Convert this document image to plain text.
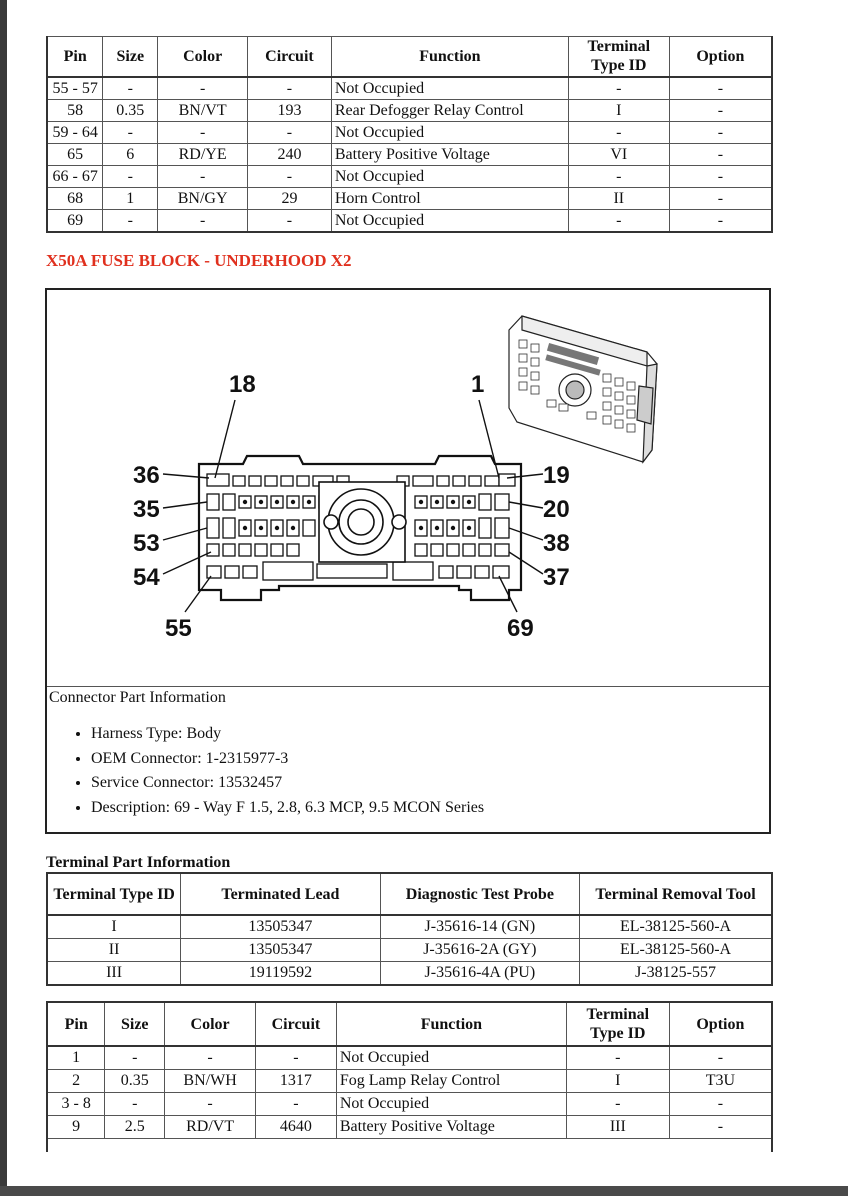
Pin	Size	Color	Circuit	Function	Terminal Type ID	Option
55 - 57	-	-	-	Not Occupied	-	-
58	0.35	BN/VT	193	Rear Defogger Relay Control	I	-
59 - 64	-	-	-	Not Occupied	-	-
65	6	RD/YE	240	Battery Positive Voltage	VI	-
66 - 67	-	-	-	Not Occupied	-	-
68	1	BN/GY	29	Horn Control	II	-
69	-	-	-	Not Occupied	-	-
X50A FUSE BLOCK - UNDERHOOD X2
18	1
36
35
53
54
19
20
38
37
55	69

Connector Part Information

• Harness Type: Body
• OEM Connector: 1-2315977-3
• Service Connector: 13532457
• Description: 69 - Way F 1.5, 2.8, 6.3 MCP, 9.5 MCON Series

Terminal Part Information

Terminal Type ID	Terminated Lead	Diagnostic Test Probe	Terminal Removal Tool
I	13505347	J-35616-14 (GN)	EL-38125-560-A
II	13505347	J-35616-2A (GY)	EL-38125-560-A
III	19119592	J-35616-4A (PU)	J-38125-557
Pin	Size	Color	Circuit	Function	Terminal Type ID	Option
1	-	-	-	Not Occupied	-	-
2	0.35	BN/WH	1317	Fog Lamp Relay Control	I	T3U
3 - 8	-	-	-	Not Occupied	-	-
9	2.5	RD/VT	4640	Battery Positive Voltage	III	-
